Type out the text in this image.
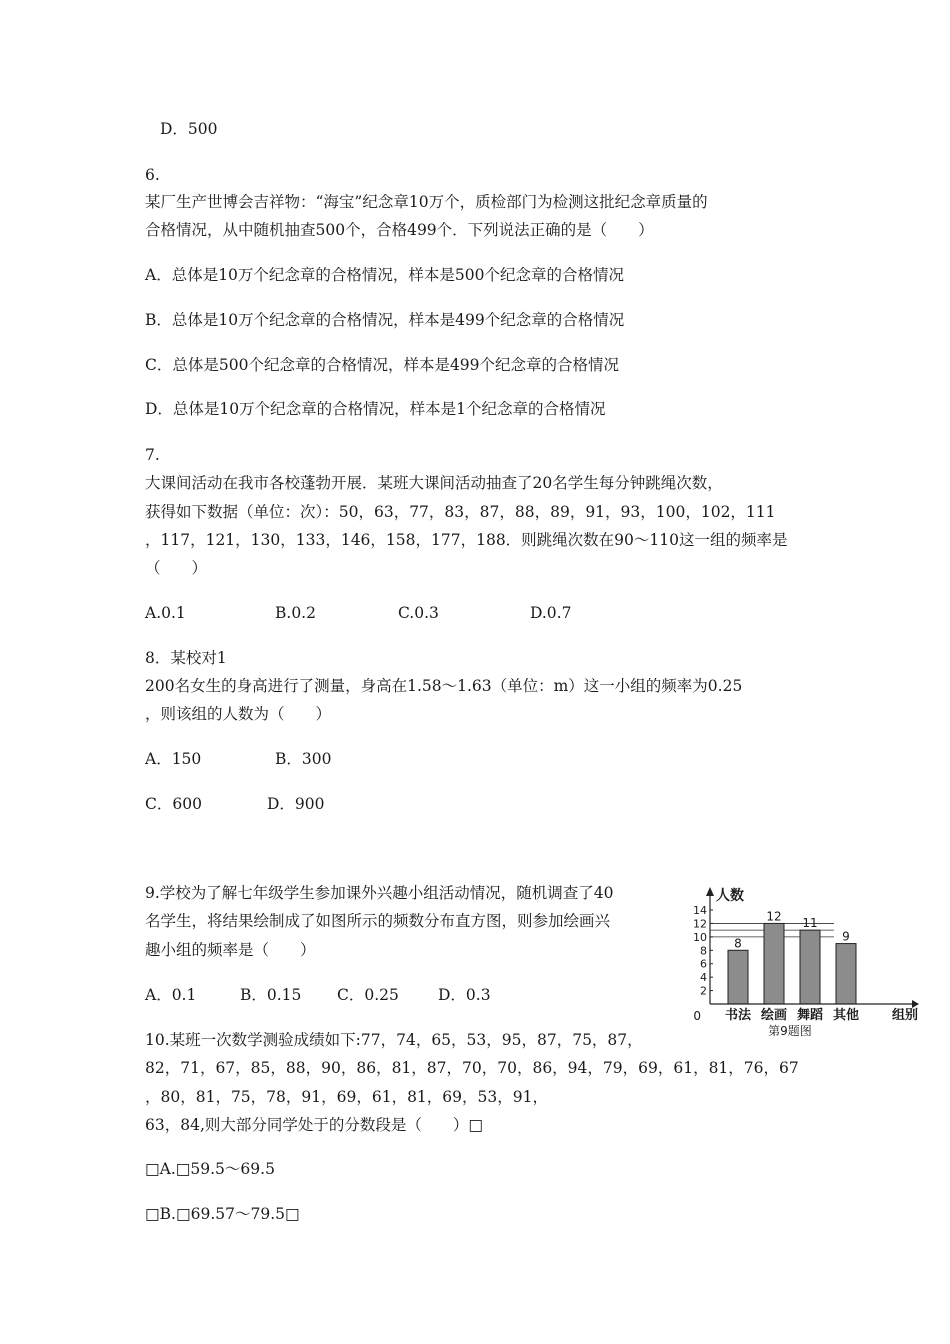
D．500
6.
某厂生产世博会吉祥物：“海宝”纪念章10万个，质检部门为检测这批纪念章质量的
合格情况，从中随机抽查500个，合格499个．下列说法正确的是（　　）
A．总体是10万个纪念章的合格情况，样本是500个纪念章的合格情况
B．总体是10万个纪念章的合格情况，样本是499个纪念章的合格情况
C．总体是500个纪念章的合格情况，样本是499个纪念章的合格情况
D．总体是10万个纪念章的合格情况，样本是1个纪念章的合格情况
7.
大课间活动在我市各校蓬勃开展．某班大课间活动抽查了20名学生每分钟跳绳次数，
获得如下数据（单位：次）：50，63，77，83，87，88，89，91，93，100，102，111
，117，121，130，133，146，158，177，188．则跳绳次数在90～110这一组的频率是
（　　）
A.0.1	B.0.2	C.0.3	D.0.7
8．某校对1
200名女生的身高进行了测量，身高在1.58～1.63（单位：m）这一小组的频率为0.25
，则该组的人数为（　　）
A．150	B．300
C．600	D．900
9.学校为了解七年级学生参加课外兴趣小组活动情况，随机调查了40
名学生，将结果绘制成了如图所示的频数分布直方图，则参加绘画兴
趣小组的频率是（　　）
A．0.1	B．0.15 C．0.25	D．0.3
0
2
4
6
8
10
12
14
8
12 11
9
书法 绘画 舞蹈 其他
人数
组别
第9题图
10.某班一次数学测验成绩如下:77，74，65，53，95，87，75，87，
82，71，67，85，88，90，86，81，87，70，70，86，94，79，69，61，81，76，67
，80，81，75，78，91，69，61，81，69，53，91，
63，84,则大部分同学处于的分数段是（　　）□
□A.□59.5～69.5
□B.□69.57～79.5□
